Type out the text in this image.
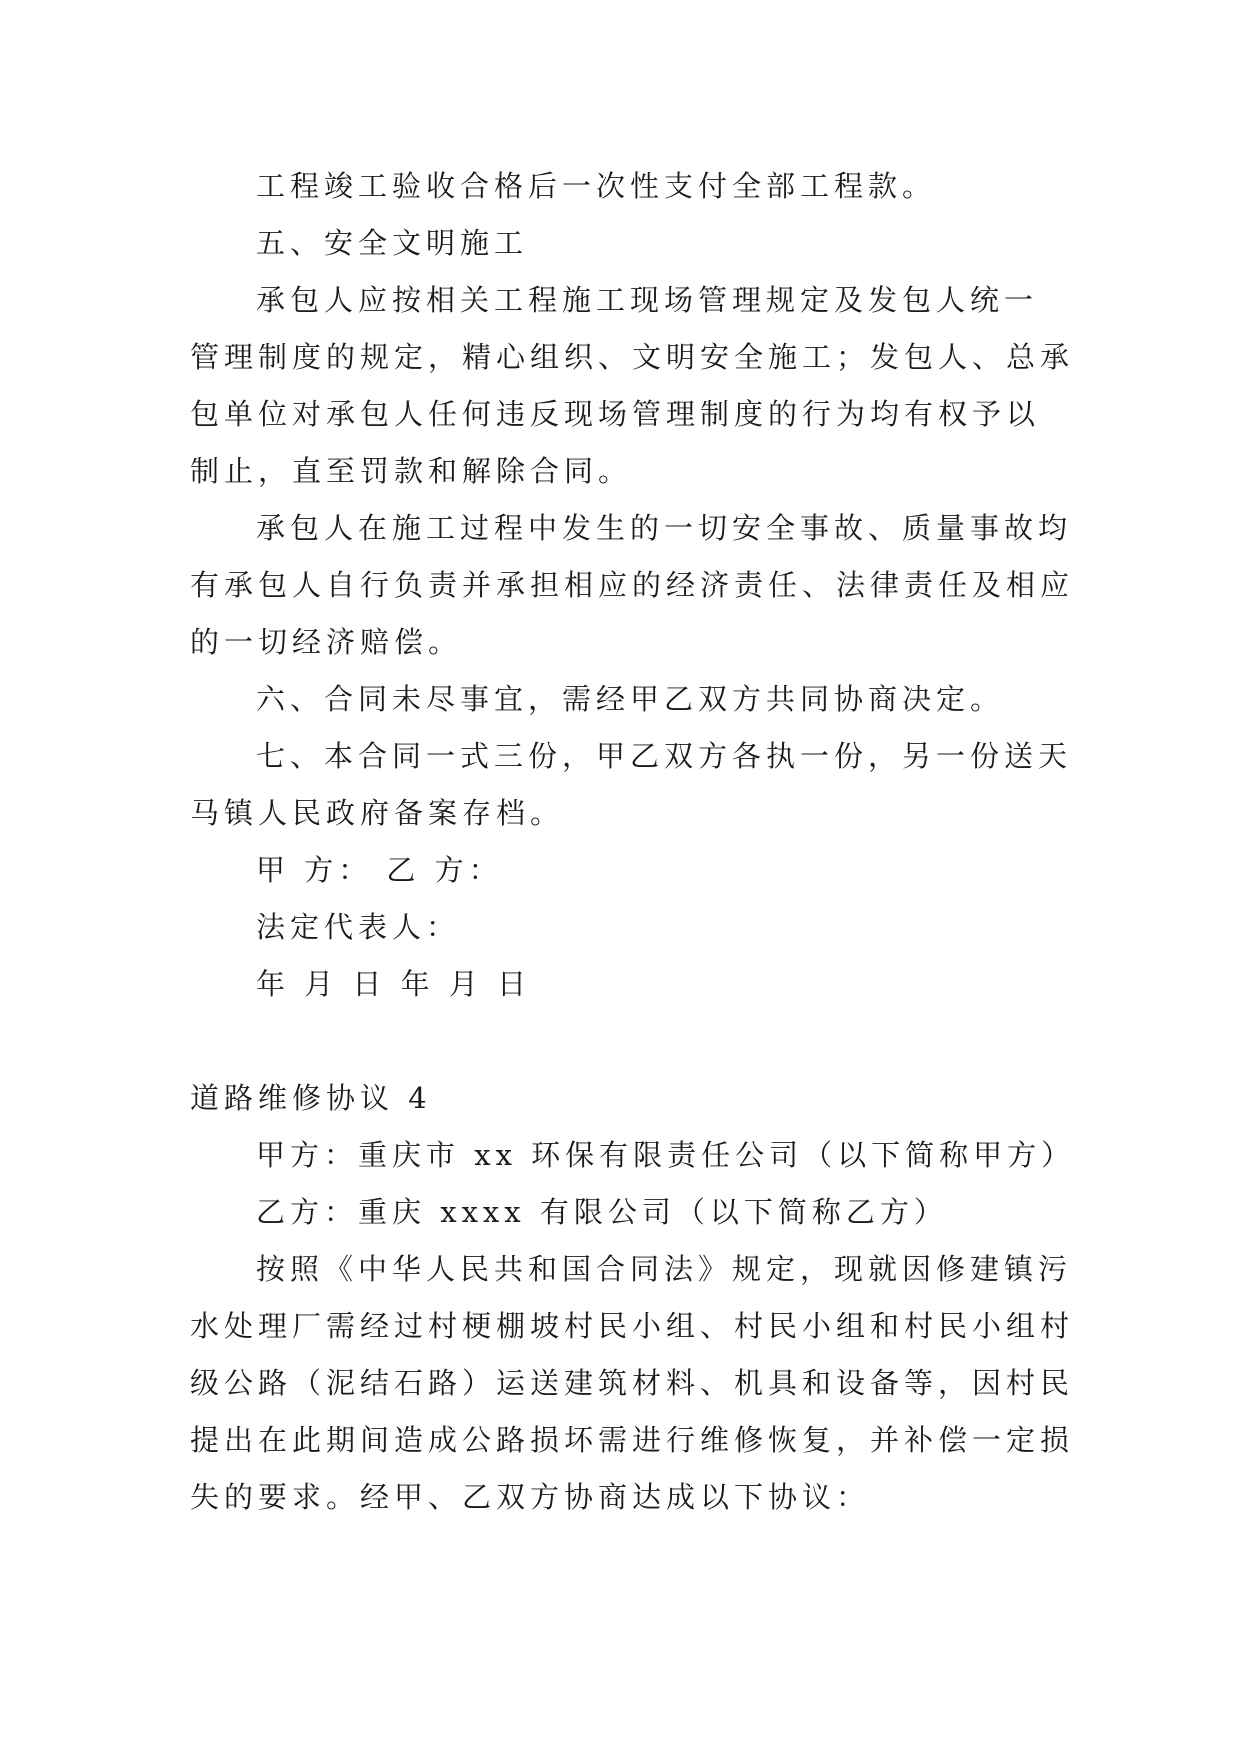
工程竣工验收合格后一次性支付全部工程款。
五、安全文明施工
承包人应按相关工程施工现场管理规定及发包人统一
管理制度的规定，精心组织、文明安全施工；发包人、总承
包单位对承包人任何违反现场管理制度的行为均有权予以
制止，直至罚款和解除合同。
承包人在施工过程中发生的一切安全事故、质量事故均
有承包人自行负责并承担相应的经济责任、法律责任及相应
的一切经济赔偿。
六、合同未尽事宜，需经甲乙双方共同协商决定。
七、本合同一式三份，甲乙双方各执一份，另一份送天
马镇人民政府备案存档。
甲 方： 乙 方：
法定代表人：
年 月 日 年 月 日
道路维修协议 4
甲方：重庆市 xx 环保有限责任公司（以下简称甲方）
乙方：重庆 xxxx 有限公司（以下简称乙方）
按照《中华人民共和国合同法》规定，现就因修建镇污
水处理厂需经过村梗棚坡村民小组、村民小组和村民小组村
级公路（泥结石路）运送建筑材料、机具和设备等，因村民
提出在此期间造成公路损坏需进行维修恢复，并补偿一定损
失的要求。经甲、乙双方协商达成以下协议：
